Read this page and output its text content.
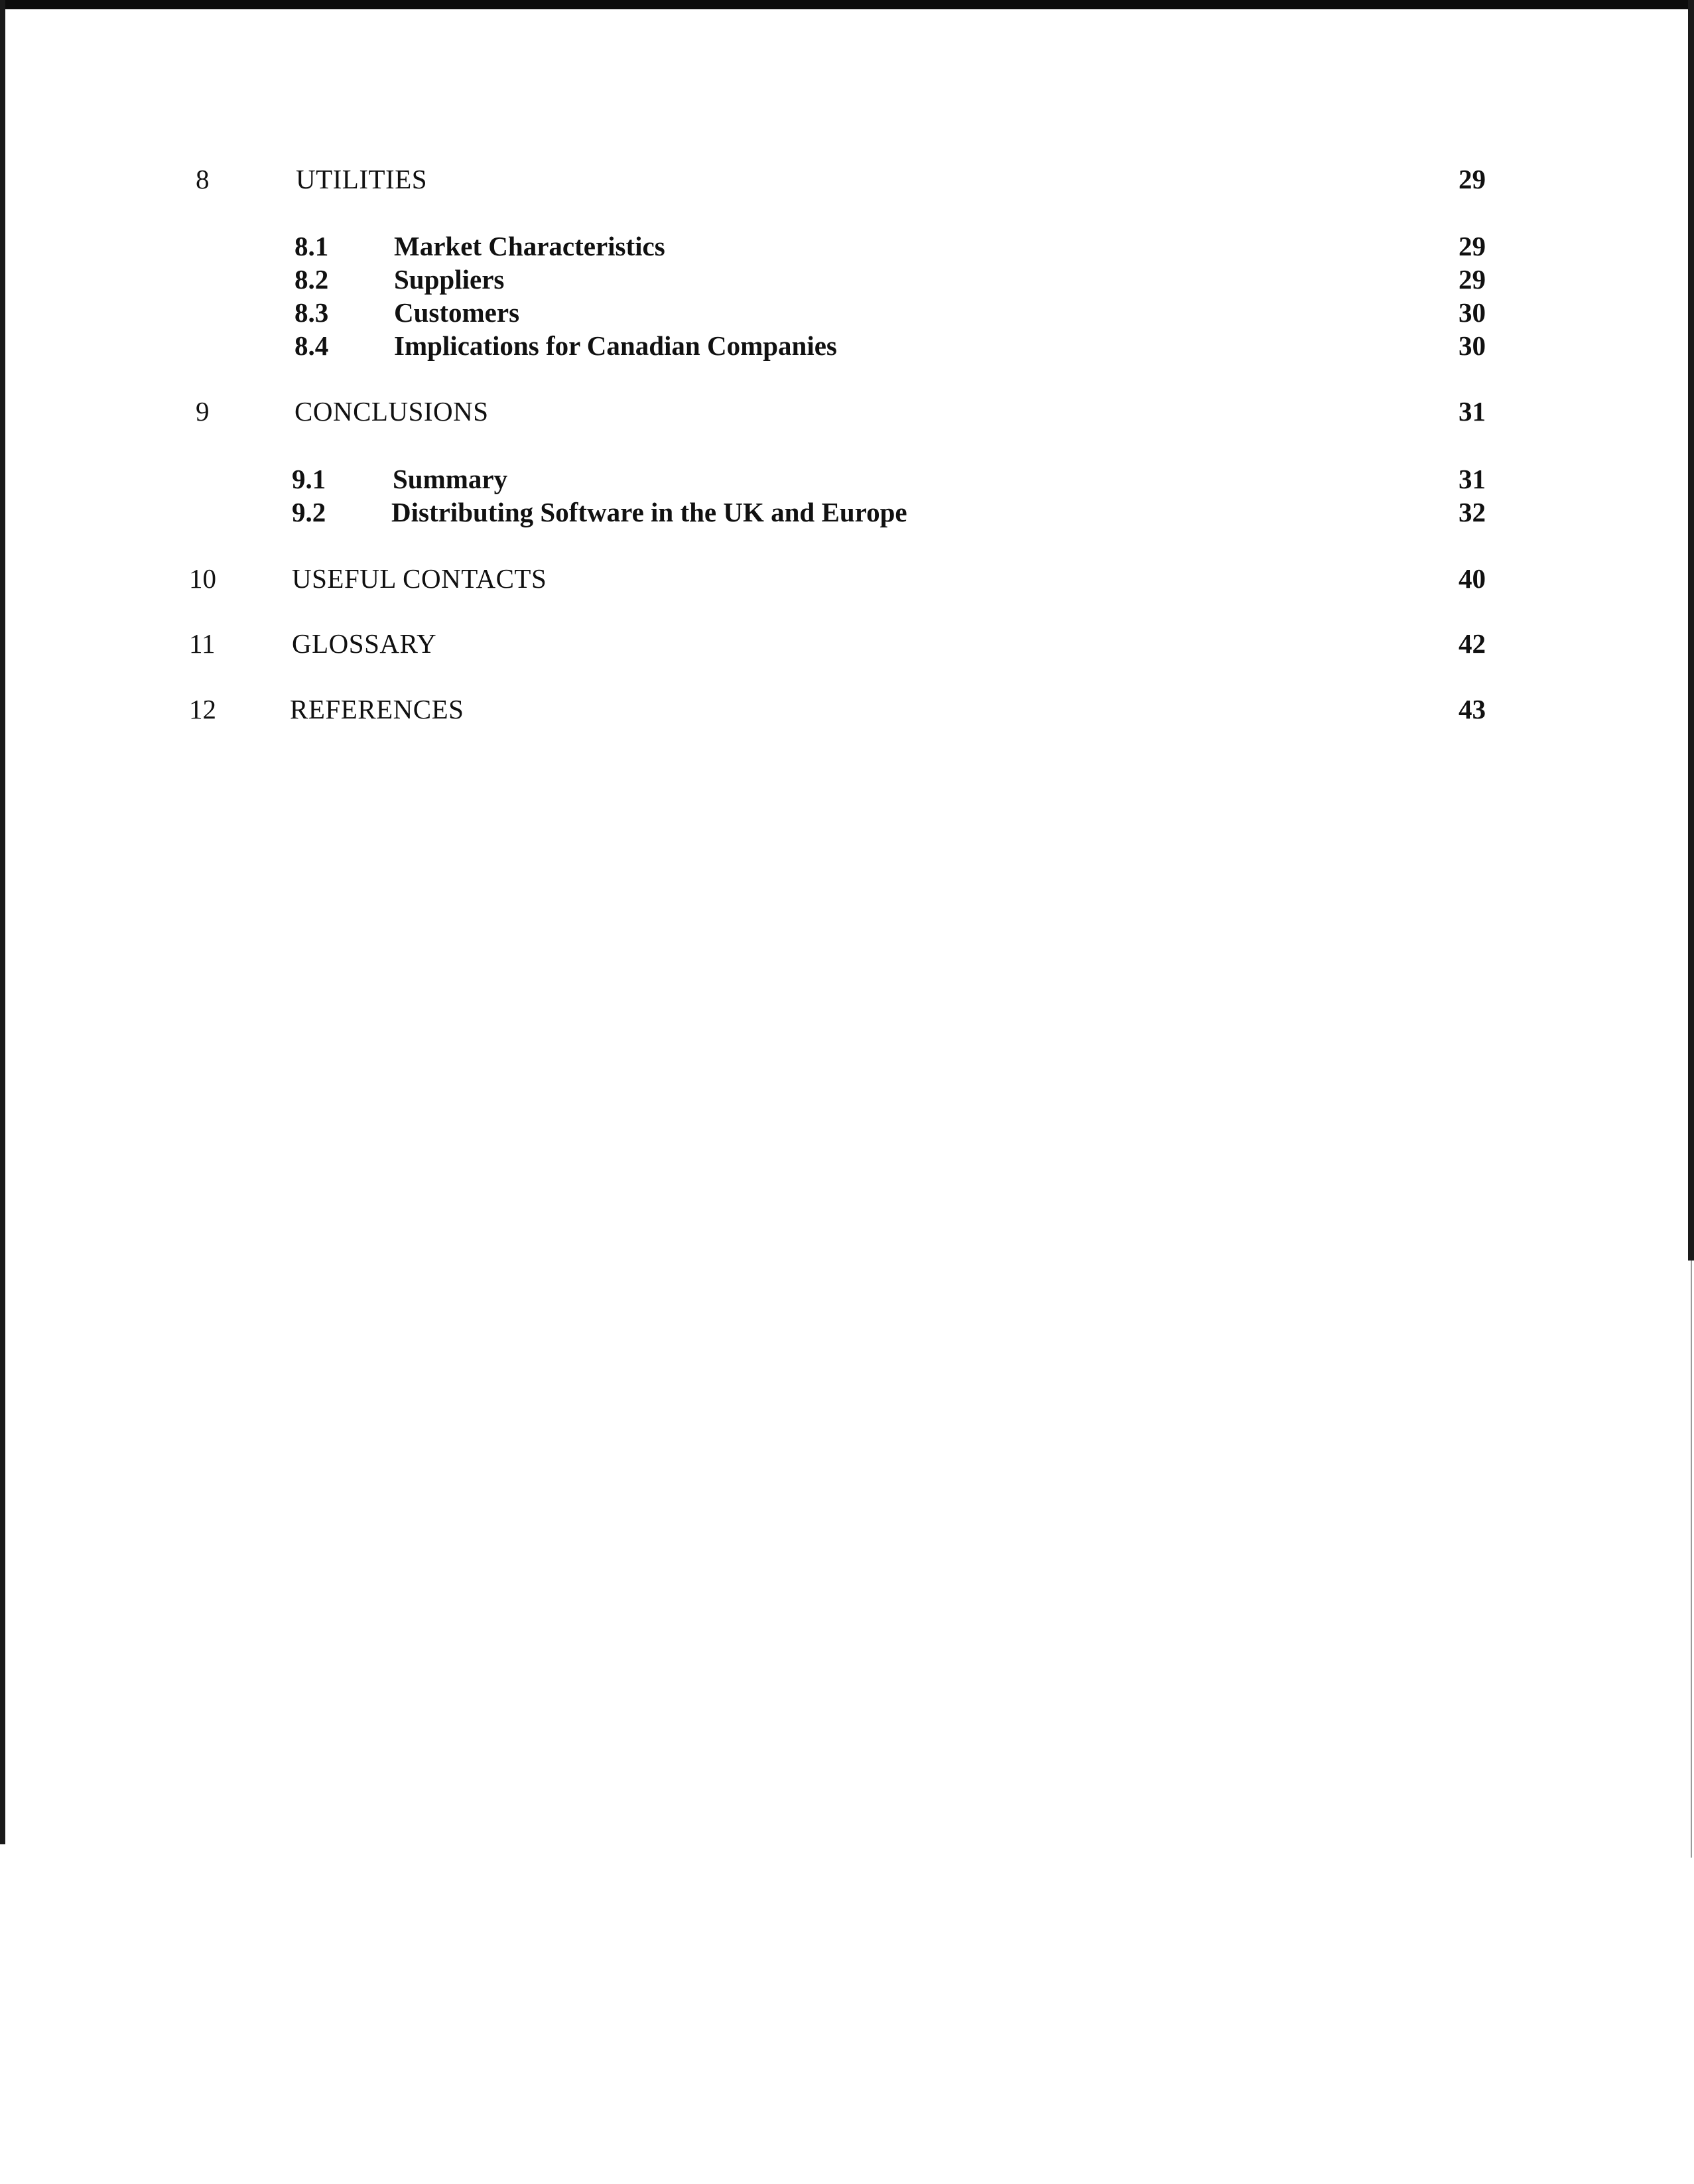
8	UTILITIES	29
8.1 Market Characteristics	29
8.2 Suppliers	29
8.3 Customers	30
8.4 Implications for Canadian Companies	30
9	CONCLUSIONS	31
9.1 Summary	31
9.2 Distributing Software in the UK and Europe	32
10	USEFUL CONTACTS	40
11	GLOSSARY	42
12	REFERENCES	43
